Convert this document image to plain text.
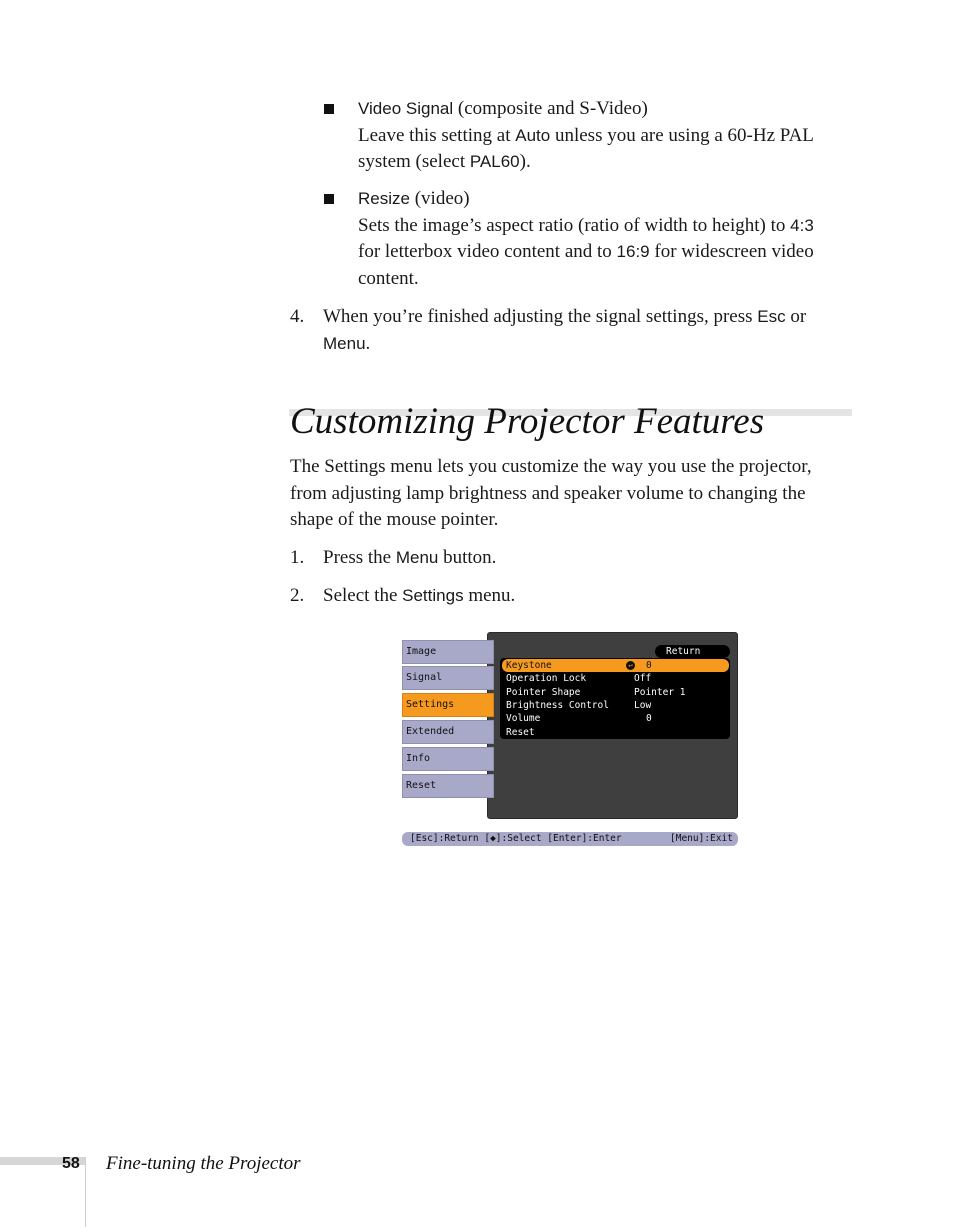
Video Signal (composite and S-Video)
Leave this setting at Auto unless you are using a 60-Hz PAL
system (select PAL60).
Resize (video)
Sets the image’s aspect ratio (ratio of width to height) to 4:3
for letterbox video content and to 16:9 for widescreen video
content.
4. When you’re finished adjusting the signal settings, press Esc or
Menu.
Customizing Projector Features
The Settings menu lets you customize the way you use the projector,
from adjusting lamp brightness and speaker volume to changing the
shape of the mouse pointer.
1. Press the Menu button.
2. Select the Settings menu.
Image
Signal
Settings
Extended
Info
Reset
Return
Keystone	↵ 0
Operation Lock	Off
Pointer Shape	Pointer 1
Brightness Control	Low
Volume	0
Reset
[Esc]:Return [◆]:Select [Enter]:Enter	[Menu]:Exit
58 Fine-tuning the Projector
